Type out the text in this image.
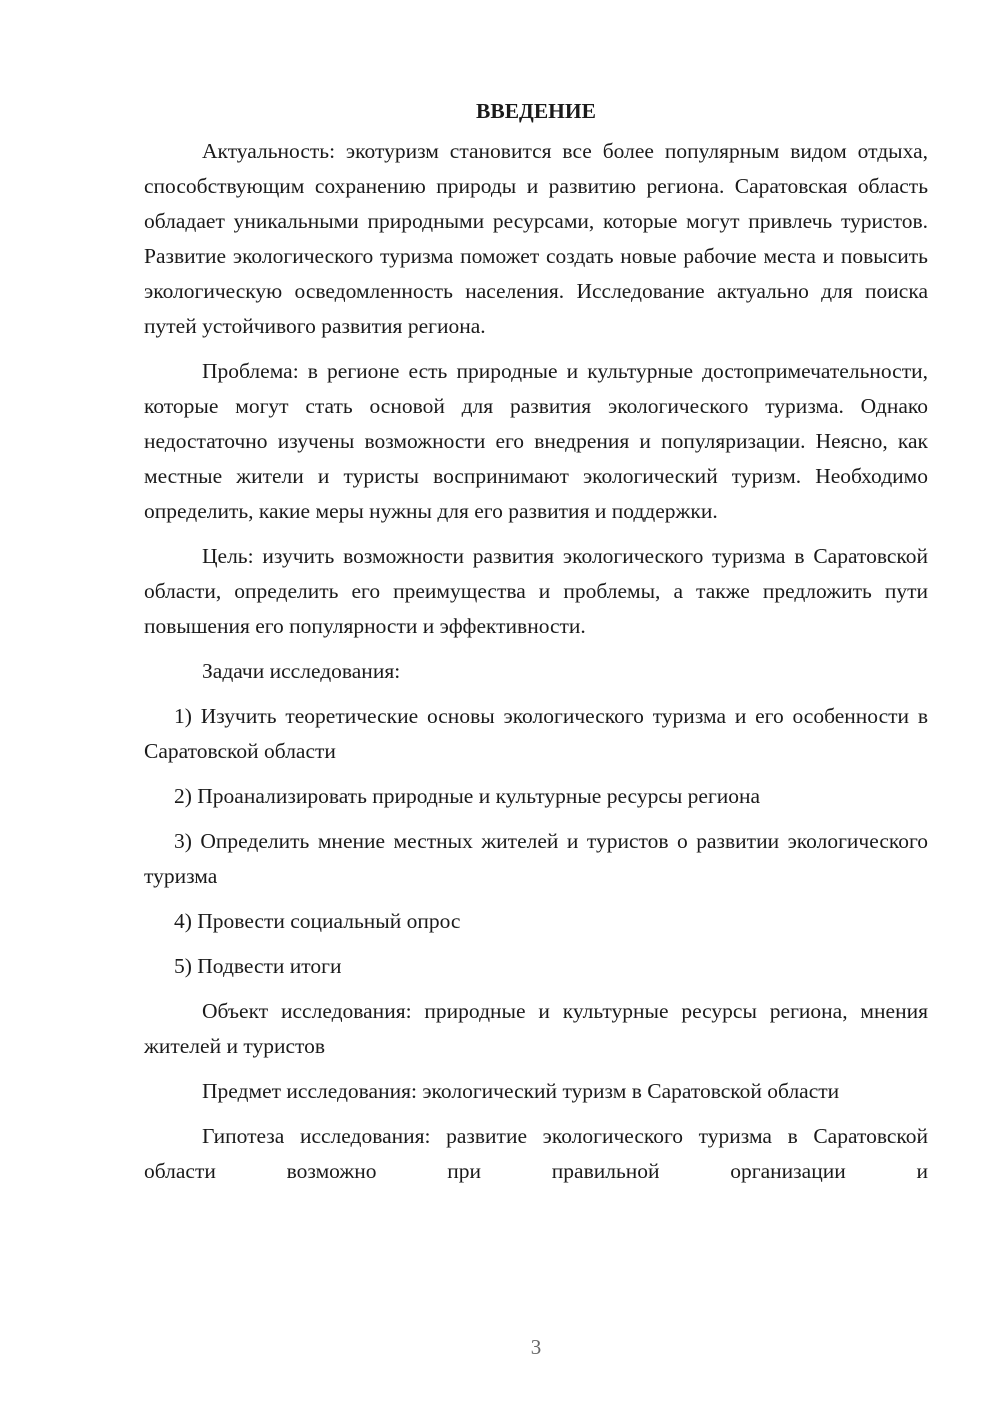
ВВЕДЕНИЕ

Актуальность: экотуризм становится все более популярным видом отдыха, способствующим сохранению природы и развитию региона. Саратовская область обладает уникальными природными ресурсами, которые могут привлечь туристов. Развитие экологического туризма поможет создать новые рабочие места и повысить экологическую осведомленность населения. Исследование актуально для поиска путей устойчивого развития региона.

Проблема: в регионе есть природные и культурные достопримечательности, которые могут стать основой для развития экологического туризма. Однако недостаточно изучены возможности его внедрения и популяризации. Неясно, как местные жители и туристы воспринимают экологический туризм. Необходимо определить, какие меры нужны для его развития и поддержки.

Цель: изучить возможности развития экологического туризма в Саратовской области, определить его преимущества и проблемы, а также предложить пути повышения его популярности и эффективности.

Задачи исследования:

1) Изучить теоретические основы экологического туризма и его особенности в Саратовской области

2) Проанализировать природные и культурные ресурсы региона

3) Определить мнение местных жителей и туристов о развитии экологического туризма

4) Провести социальный опрос

5) Подвести итоги

Объект исследования: природные и культурные ресурсы региона, мнения жителей и туристов

Предмет исследования: экологический туризм в Саратовской области

Гипотеза исследования: развитие экологического туризма в Саратовской области возможно при правильной организации и

3
